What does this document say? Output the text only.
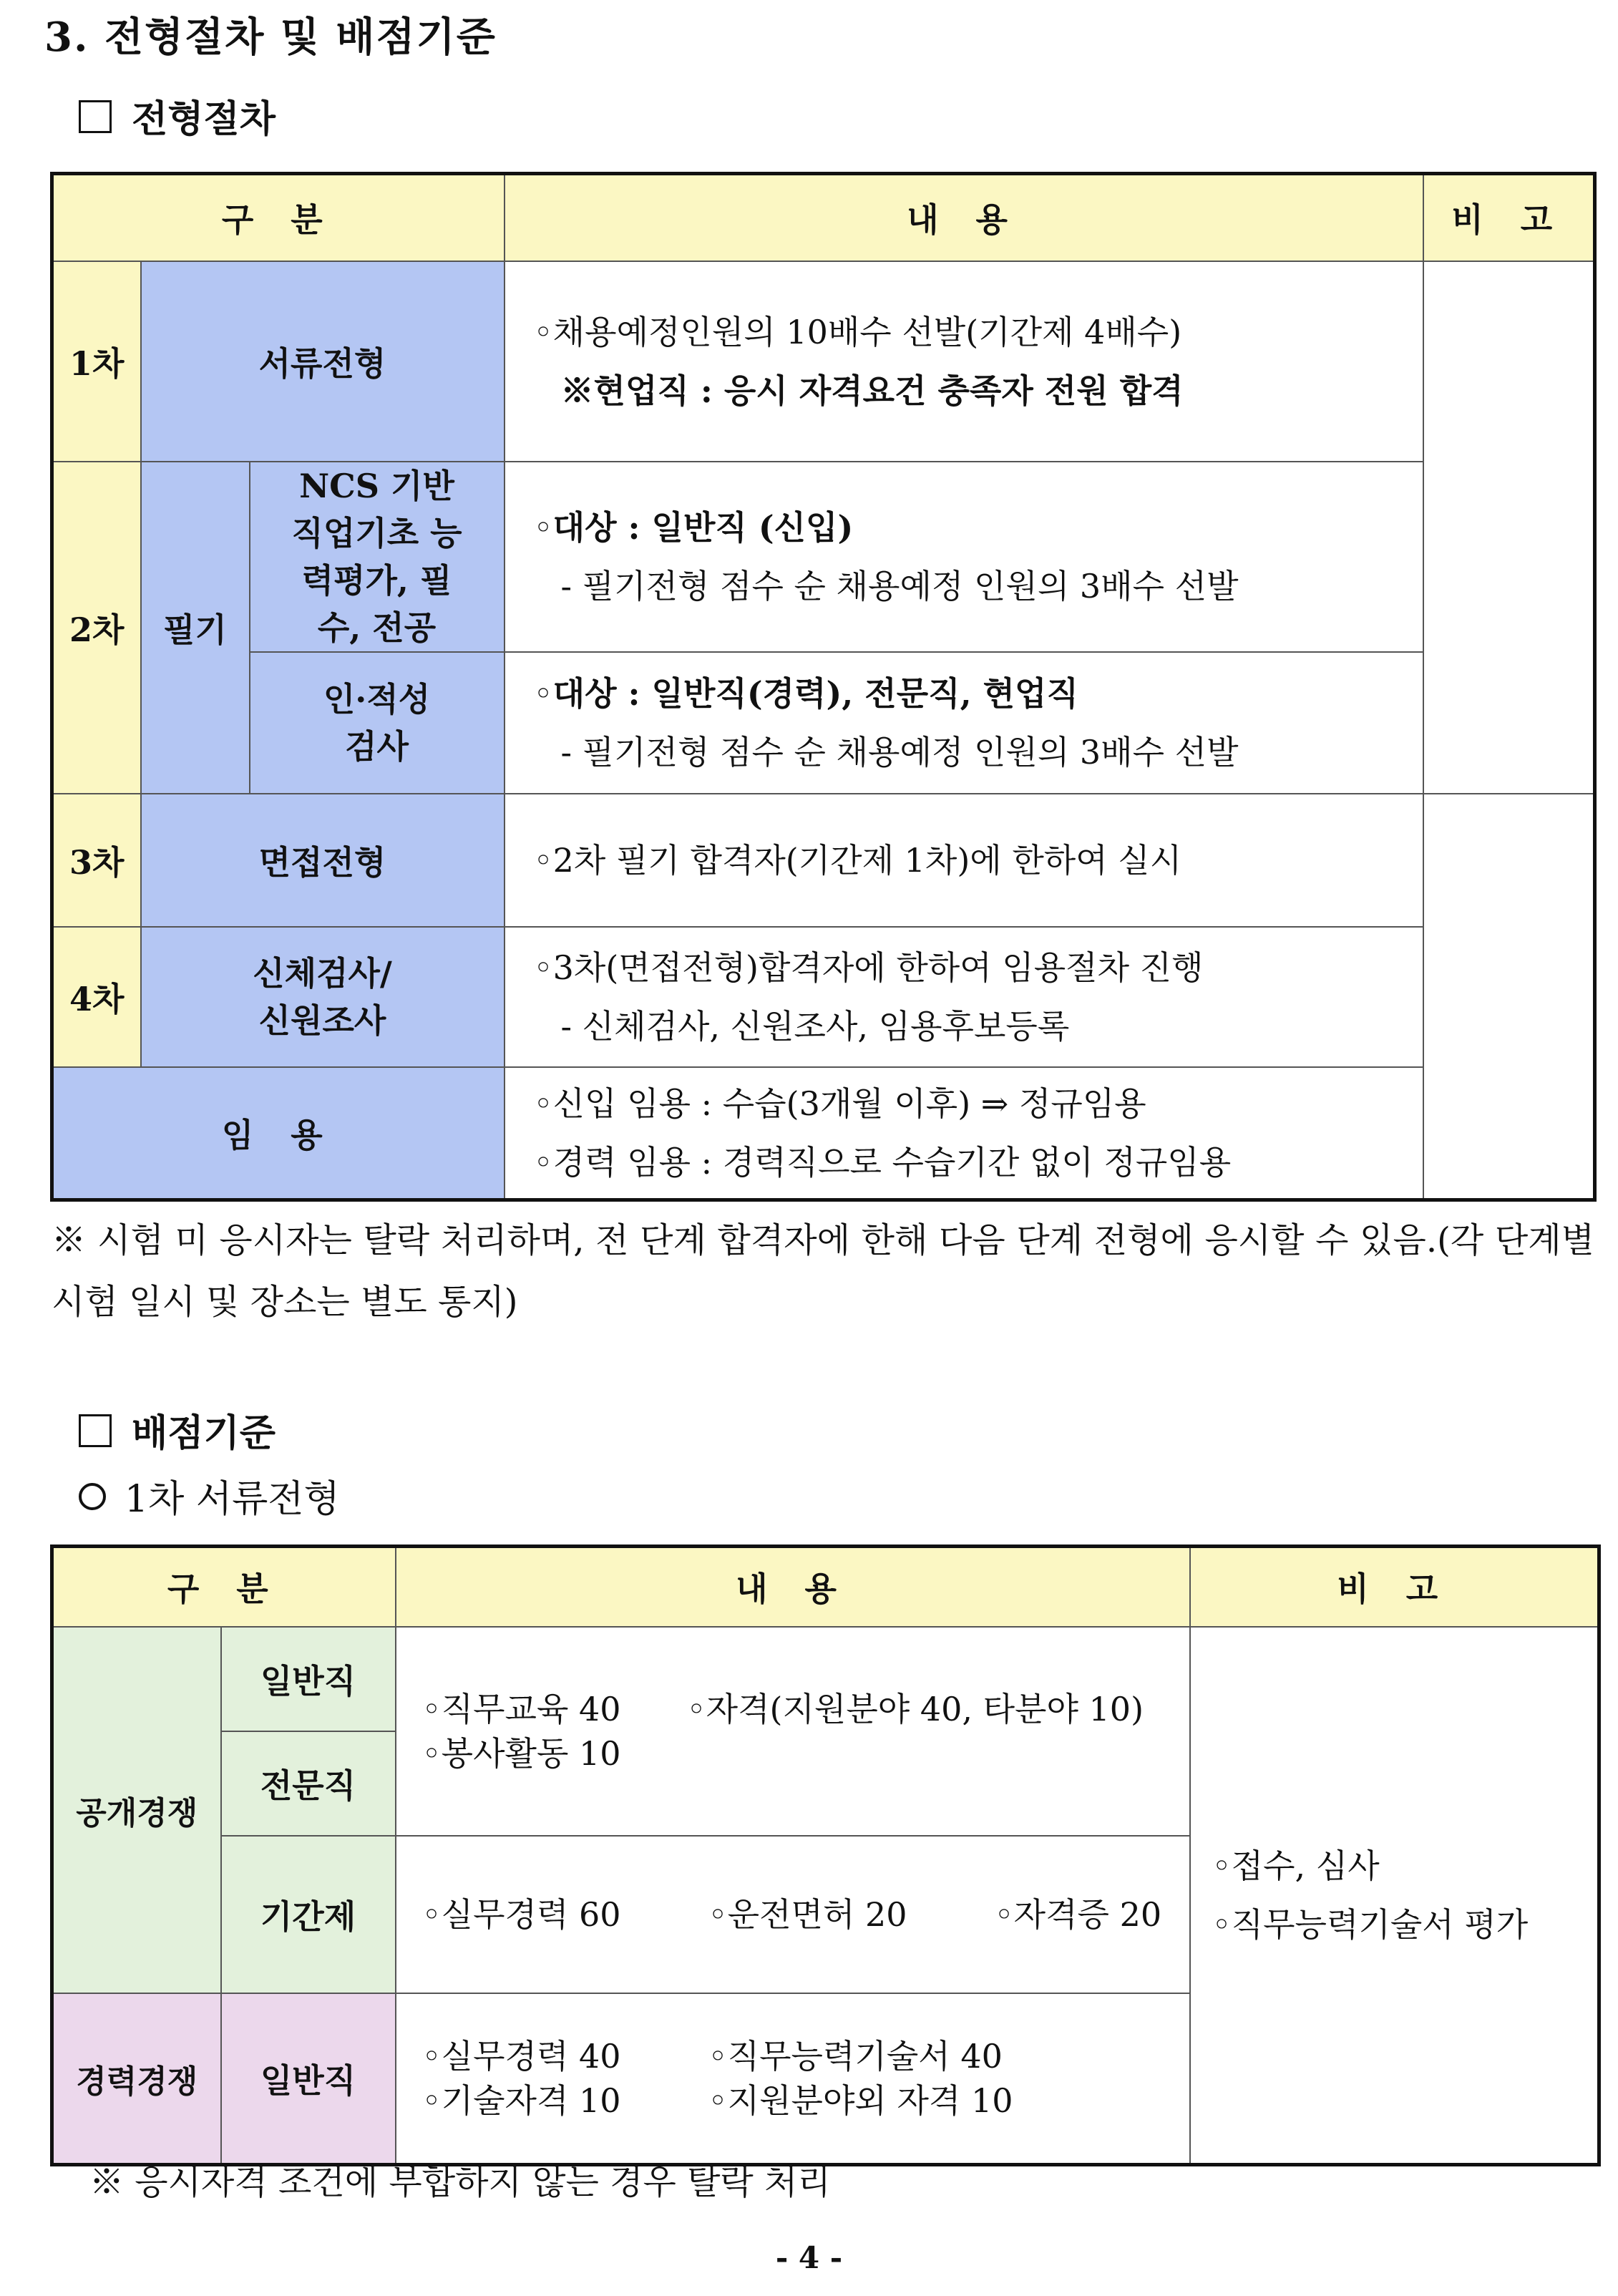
3. 전형절차 및 배점기준
전형절차
구 분			내 용	비 고
1차	서류전형		◦채용예정인원의 10배수 선발(기간제 4배수)
※현업직 : 응시 자격요건 충족자 전원 합격	

2차	필기	NCS 기반 직업기초 능력평가, 필수, 전공	◦대상 : 일반직 (신입)
- 필기전형 점수 순 채용예정 인원의 3배수 선발	

		인·적성 검사	◦대상 : 일반직(경력), 전문직, 현업직
- 필기전형 점수 순 채용예정 인원의 3배수 선발	

3차	면접전형		◦2차 필기 합격자(기간제 1차)에 한하여 실시	

4차	신체검사/ 신원조사		◦3차(면접전형)합격자에 한하여 임용절차 진행
- 신체검사, 신원조사, 임용후보등록	

임 용			◦신입 임용 : 수습(3개월 이후) ⇒ 정규임용
◦경력 임용 : 경력직으로 수습기간 없이 정규임용	
※ 시험 미 응시자는 탈락 처리하며, 전 단계 합격자에 한해 다음 단계 전형에 응시할 수 있음.(각 단계별 시험 일시 및 장소는 별도 통지)
배점기준
1차 서류전형
구 분		내 용	비 고
공개경쟁	일반직	◦직무교육 40 ◦자격(지원분야 40, 타분야 10)
◦봉사활동 10	◦접수, 심사
◦직무능력기술서 평가

	전문직		
	기간제	◦실무경력 60 ◦운전면허 20 ◦자격증 20	
경력경쟁	일반직	◦실무경력 40 ◦직무능력기술서 40
◦기술자격 10 ◦지원분야외 자격 10	
※ 응시자격 조건에 부합하지 않는 경우 탈락 처리
- 4 -
